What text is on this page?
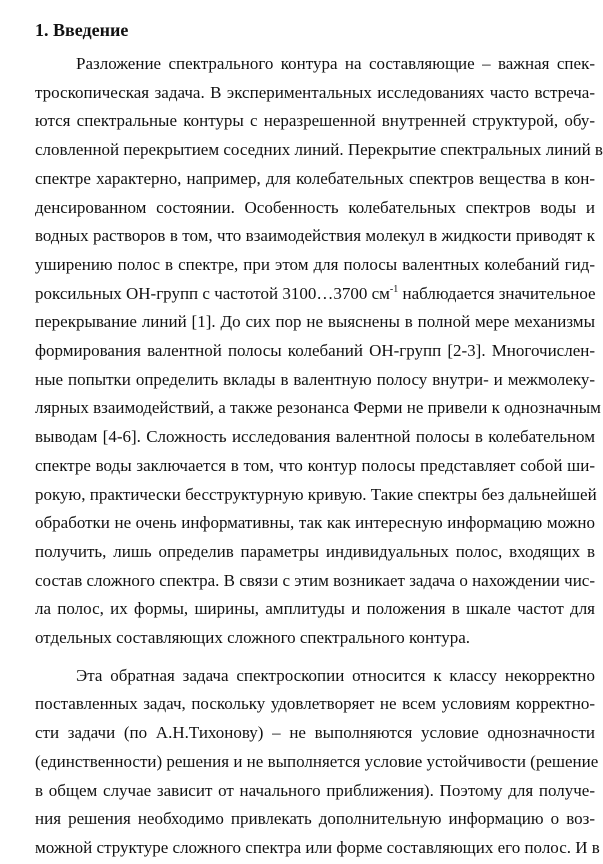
1. Введение
Разложение спектрального контура на составляющие – важная спек-
троскопическая задача. В экспериментальных исследованиях часто встреча-
ются спектральные контуры с неразрешенной внутренней структурой, обу-
словленной перекрытием соседних линий. Перекрытие спектральных линий в
спектре характерно, например, для колебательных спектров вещества в кон-
денсированном состоянии. Особенность колебательных спектров воды и
водных растворов в том, что взаимодействия молекул в жидкости приводят к
уширению полос в спектре, при этом для полосы валентных колебаний гид-
роксильных ОН-групп с частотой 3100…3700 $см^{-1}$ наблюдается значительное
перекрывание линий [1]. До сих пор не выяснены в полной мере механизмы
формирования валентной полосы колебаний ОН-групп [2-3]. Многочислен-
ные попытки определить вклады в валентную полосу внутри- и межмолеку-
лярных взаимодействий, а также резонанса Ферми не привели к однозначным
выводам [4-6]. Сложность исследования валентной полосы в колебательном
спектре воды заключается в том, что контур полосы представляет собой ши-
рокую, практически бесструктурную кривую. Такие спектры без дальнейшей
обработки не очень информативны, так как интересную информацию можно
получить, лишь определив параметры индивидуальных полос, входящих в
состав сложного спектра. В связи с этим возникает задача о нахождении чис-
ла полос, их формы, ширины, амплитуды и положения в шкале частот для
отдельных составляющих сложного спектрального контура.
Эта обратная задача спектроскопии относится к классу некорректно
поставленных задач, поскольку удовлетворяет не всем условиям корректно-
сти задачи (по А.Н.Тихонову) – не выполняются условие однозначности
(единственности) решения и не выполняется условие устойчивости (решение
в общем случае зависит от начального приближения). Поэтому для получе-
ния решения необходимо привлекать дополнительную информацию о воз-
можной структуре сложного спектра или форме составляющих его полос. И в
